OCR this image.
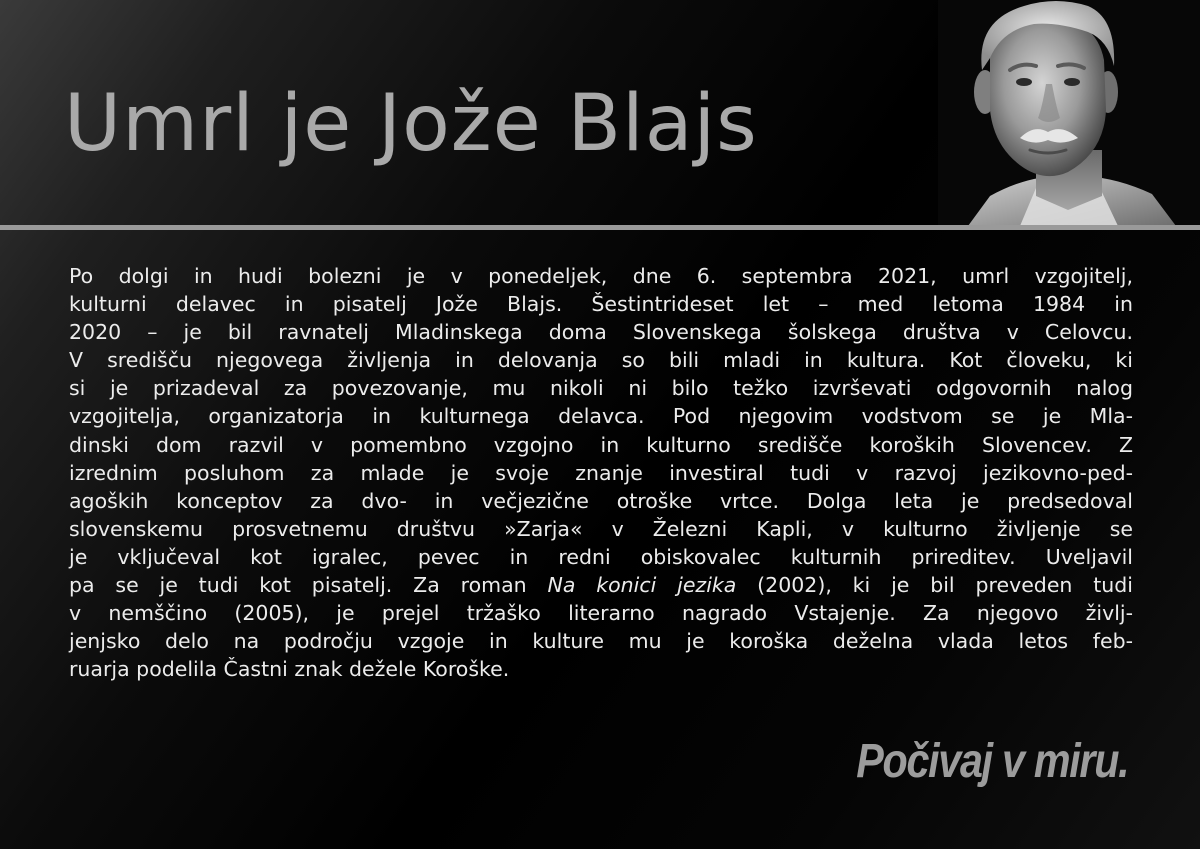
Umrl je Jože Blajs

Po dolgi in hudi bolezni je v ponedeljek, dne 6. septembra 2021, umrl vzgojitelj,
kulturni delavec in pisatelj Jože Blajs. Šestintrideset let – med letoma 1984 in
2020 – je bil ravnatelj Mladinskega doma Slovenskega šolskega društva v Celovcu.
V središču njegovega življenja in delovanja so bili mladi in kultura. Kot človeku, ki
si je prizadeval za povezovanje, mu nikoli ni bilo težko izvrševati odgovornih nalog
vzgojitelja, organizatorja in kulturnega delavca. Pod njegovim vodstvom se je Mla-
dinski dom razvil v pomembno vzgojno in kulturno središče koroških Slovencev. Z
izrednim posluhom za mlade je svoje znanje investiral tudi v razvoj jezikovno-ped-
agoških konceptov za dvo- in večjezične otroške vrtce. Dolga leta je predsedoval
slovenskemu prosvetnemu društvu »Zarja« v Železni Kapli, v kulturno življenje se
je vključeval kot igralec, pevec in redni obiskovalec kulturnih prireditev. Uveljavil
pa se je tudi kot pisatelj. Za roman Na konici jezika (2002), ki je bil preveden tudi
v nemščino (2005), je prejel tržaško literarno nagrado Vstajenje. Za njegovo življ-
jenjsko delo na področju vzgoje in kulture mu je koroška deželna vlada letos feb-
ruarja podelila Častni znak dežele Koroške.

Počivaj v miru.
